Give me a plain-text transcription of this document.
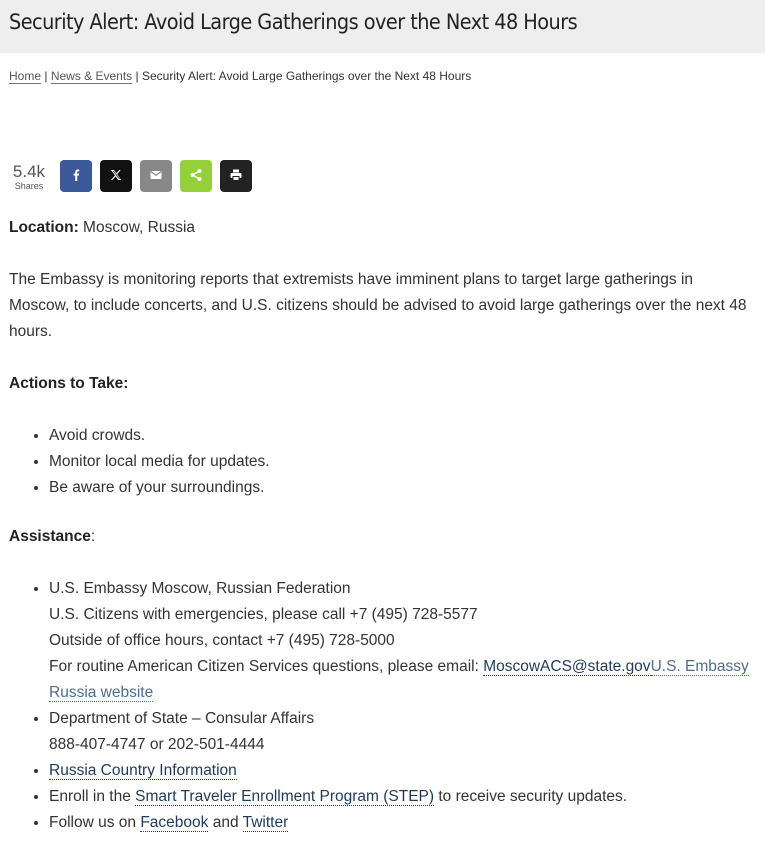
Security Alert: Avoid Large Gatherings over the Next 48 Hours
Home | News & Events | Security Alert: Avoid Large Gatherings over the Next 48 Hours
5.4k
Shares

Location: Moscow, Russia

The Embassy is monitoring reports that extremists have imminent plans to target large gatherings in Moscow, to include concerts, and U.S. citizens should be advised to avoid large gatherings over the next 48 hours.

Actions to Take:

• Avoid crowds.
• Monitor local media for updates.
• Be aware of your surroundings.

Assistance:

• U.S. Embassy Moscow, Russian Federation
U.S. Citizens with emergencies, please call +7 (495) 728-5577
Outside of office hours, contact +7 (495) 728-5000
For routine American Citizen Services questions, please email: MoscowACS@state.govU.S. Embassy Russia website
• Department of State – Consular Affairs
888-407-4747 or 202-501-4444
• Russia Country Information
• Enroll in the Smart Traveler Enrollment Program (STEP) to receive security updates.
• Follow us on Facebook and Twitter
